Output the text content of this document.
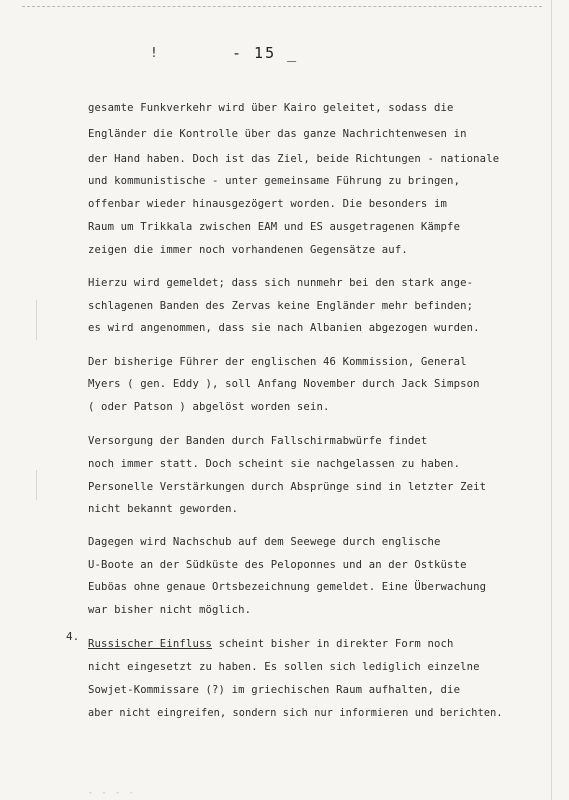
!	- 15 _
gesamte Funkverkehr wird über Kairo geleitet, sodass die
Engländer die Kontrolle über das ganze Nachrichtenwesen in
der Hand haben. Doch ist das Ziel, beide Richtungen - nationale
und kommunistische - unter gemeinsame Führung zu bringen,
offenbar wieder hinausgezögert worden. Die besonders im
Raum um Trikkala zwischen EAM und ES ausgetragenen Kämpfe
zeigen die immer noch vorhandenen Gegensätze auf.
Hierzu wird gemeldet; dass sich nunmehr bei den stark ange-
schlagenen Banden des Zervas keine Engländer mehr befinden;
es wird angenommen, dass sie nach Albanien abgezogen wurden.
Der bisherige Führer der englischen 46 Kommission, General
Myers ( gen. Eddy ), soll Anfang November durch Jack Simpson
( oder Patson ) abgelöst worden sein.
Versorgung der Banden durch Fallschirmabwürfe findet
noch immer statt. Doch scheint sie nachgelassen zu haben.
Personelle Verstärkungen durch Absprünge sind in letzter Zeit
nicht bekannt geworden.
Dagegen wird Nachschub auf dem Seewege durch englische
U-Boote an der Südküste des Peloponnes und an der Ostküste
Euböas ohne genaue Ortsbezeichnung gemeldet. Eine Überwachung
war bisher nicht möglich.
4.
Russischer Einfluss scheint bisher in direkter Form noch
nicht eingesetzt zu haben. Es sollen sich lediglich einzelne
Sowjet-Kommissare (?) im griechischen Raum aufhalten, die
aber nicht eingreifen, sondern sich nur informieren und berichten.
- - - -
